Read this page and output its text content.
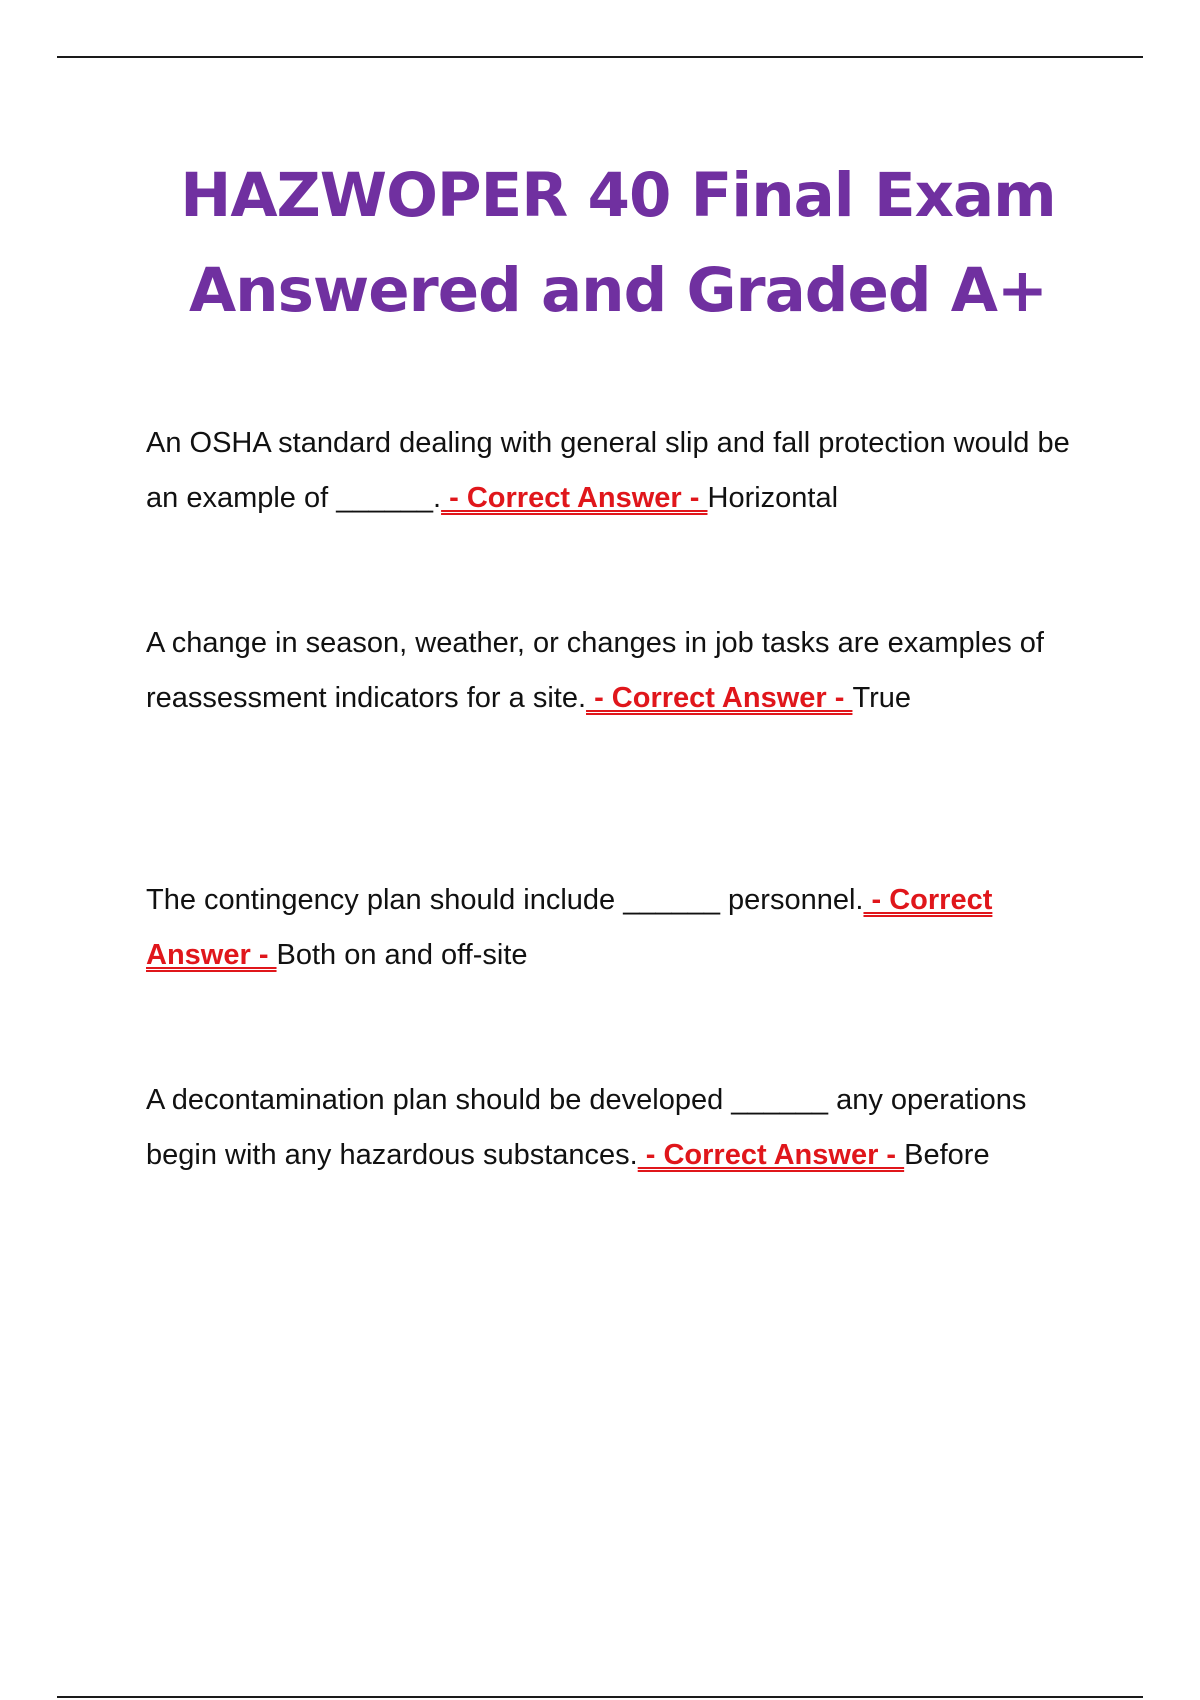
HAZWOPER 40 Final Exam
Answered and Graded A+

An OSHA standard dealing with general slip and fall protection would be an example of ______. - Correct Answer - Horizontal

A change in season, weather, or changes in job tasks are examples of reassessment indicators for a site. - Correct Answer - True

The contingency plan should include ______ personnel. - Correct Answer - Both on and off-site

A decontamination plan should be developed ______ any operations begin with any hazardous substances. - Correct Answer - Before
